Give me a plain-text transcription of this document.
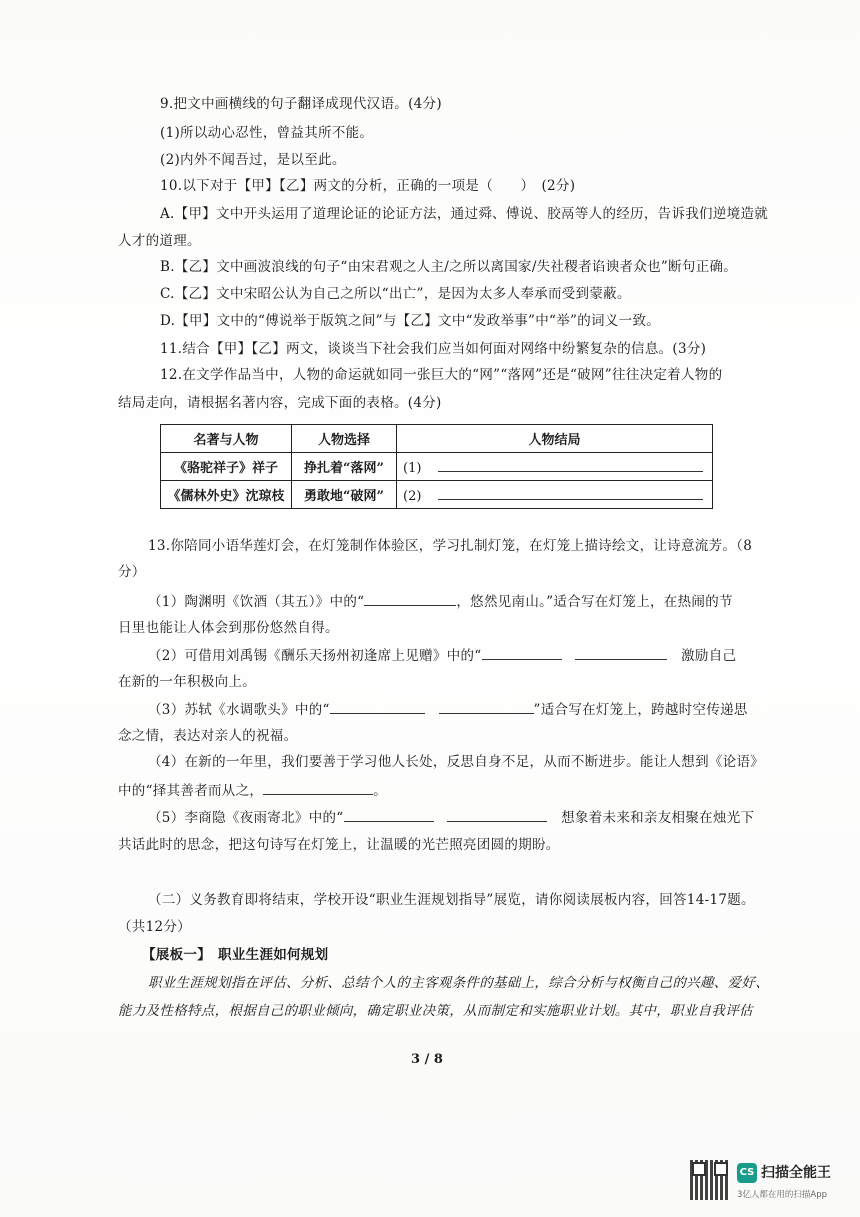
9.把文中画横线的句子翻译成现代汉语。(4分)
(1)所以动心忍性，曾益其所不能。
(2)内外不闻吾过，是以至此。
10.以下对于【甲】【乙】两文的分析，正确的一项是（　　）　(2分)
A.【甲】文中开头运用了道理论证的论证方法，通过舜、傅说、胶鬲等人的经历，告诉我们逆境造就
人才的道理。
B.【乙】文中画波浪线的句子“由宋君观之人主/之所以离国家/失社稷者谄谀者众也”断句正确。
C.【乙】文中宋昭公认为自己之所以“出亡”，是因为太多人奉承而受到蒙蔽。
D.【甲】文中的“傅说举于版筑之间”与【乙】文中“发政举事”中“举”的词义一致。
11.结合【甲】【乙】两文，谈谈当下社会我们应当如何面对网络中纷繁复杂的信息。(3分)
12.在文学作品当中，人物的命运就如同一张巨大的“网”“落网”还是“破网”往往决定着人物的
结局走向，请根据名著内容，完成下面的表格。(4分)
名著与人物	人物选择	人物结局
《骆驼祥子》祥子	挣扎着“落网”	(1)
《儒林外史》沈琼枝	勇敢地“破网”	(2)
13.你陪同小语华莲灯会，在灯笼制作体验区，学习扎制灯笼，在灯笼上描诗绘文，让诗意流芳。（8
分）
（1）陶渊明《饮酒（其五）》中的“	，悠然见南山。”适合写在灯笼上，在热闹的节
日里也能让人体会到那份悠然自得。
（2）可借用刘禹锡《酬乐天扬州初逢席上见赠》中的“　　	激励自己
在新的一年积极向上。
（3）苏轼《水调歌头》中的“　	”适合写在灯笼上，跨越时空传递思
念之情，表达对亲人的祝福。
（4）在新的一年里，我们要善于学习他人长处，反思自身不足，从而不断进步。能让人想到《论语》
中的“择其善者而从之，	。
（5）李商隐《夜雨寄北》中的“　　	想象着未来和亲友相聚在烛光下
共话此时的思念，把这句诗写在灯笼上，让温暖的光芒照亮团圆的期盼。
（二）义务教育即将结束，学校开设“职业生涯规划指导”展览，请你阅读展板内容，回答14-17题。
（共12分）
【展板一】　职业生涯如何规划
职业生涯规划指在评估、分析、总结个人的主客观条件的基础上，综合分析与权衡自己的兴趣、爱好、
能力及性格特点，根据自己的职业倾向，确定职业决策，从而制定和实施职业计划。其中，职业自我评估
3 / 8
CS 扫描全能王
3亿人都在用的扫描App
